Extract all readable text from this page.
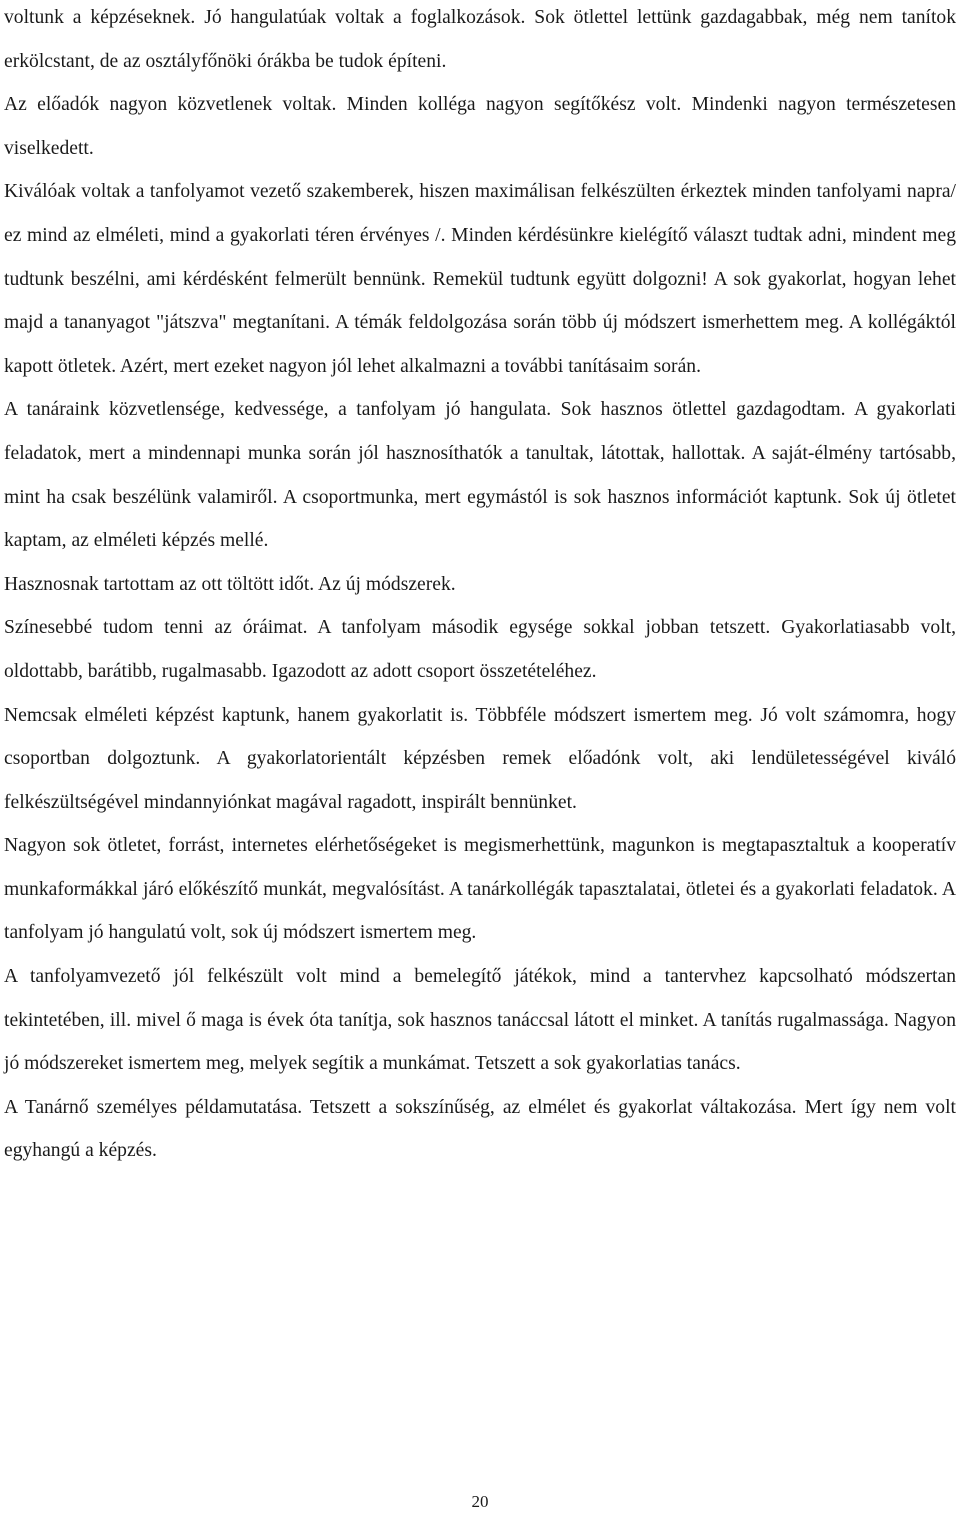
voltunk a képzéseknek. Jó hangulatúak voltak a foglalkozások. Sok ötlettel lettünk gazdagabbak, még nem tanítok erkölcstant, de az osztályfőnöki órákba be tudok építeni.

Az előadók nagyon közvetlenek voltak. Minden kolléga nagyon segítőkész volt. Mindenki nagyon természetesen viselkedett.

Kiválóak voltak a tanfolyamot vezető szakemberek, hiszen maximálisan felkészülten érkeztek minden tanfolyami napra/ ez mind az elméleti, mind a gyakorlati téren érvényes /. Minden kérdésünkre kielégítő választ tudtak adni, mindent meg tudtunk beszélni, ami kérdésként felmerült bennünk. Remekül tudtunk együtt dolgozni! A sok gyakorlat, hogyan lehet majd a tananyagot "játszva" megtanítani. A témák feldolgozása során több új módszert ismerhettem meg. A kollégáktól kapott ötletek. Azért, mert ezeket nagyon jól lehet alkalmazni a további tanításaim során.

A tanáraink közvetlensége, kedvessége, a tanfolyam jó hangulata. Sok hasznos ötlettel gazdagodtam. A gyakorlati feladatok, mert a mindennapi munka során jól hasznosíthatók a tanultak, látottak, hallottak. A saját-élmény tartósabb, mint ha csak beszélünk valamiről. A csoportmunka, mert egymástól is sok hasznos információt kaptunk. Sok új ötletet kaptam, az elméleti képzés mellé.

Hasznosnak tartottam az ott töltött időt. Az új módszerek.

Színesebbé tudom tenni az óráimat. A tanfolyam második egysége sokkal jobban tetszett. Gyakorlatiasabb volt, oldottabb, barátibb, rugalmasabb. Igazodott az adott csoport összetételéhez.

Nemcsak elméleti képzést kaptunk, hanem gyakorlatit is. Többféle módszert ismertem meg. Jó volt számomra, hogy csoportban dolgoztunk. A gyakorlatorientált képzésben remek előadónk volt, aki lendületességével kiváló felkészültségével mindannyiónkat magával ragadott, inspirált bennünket.

Nagyon sok ötletet, forrást, internetes elérhetőségeket is megismerhettünk, magunkon is megtapasztaltuk a kooperatív munkaformákkal járó előkészítő munkát, megvalósítást. A tanárkollégák tapasztalatai, ötletei és a gyakorlati feladatok. A tanfolyam jó hangulatú volt, sok új módszert ismertem meg.

A tanfolyamvezető jól felkészült volt mind a bemelegítő játékok, mind a tantervhez kapcsolható módszertan tekintetében, ill. mivel ő maga is évek óta tanítja, sok hasznos tanáccsal látott el minket. A tanítás rugalmassága. Nagyon jó módszereket ismertem meg, melyek segítik a munkámat. Tetszett a sok gyakorlatias tanács.

A Tanárnő személyes példamutatása. Tetszett a sokszínűség, az elmélet és gyakorlat váltakozása. Mert így nem volt egyhangú a képzés.

20
